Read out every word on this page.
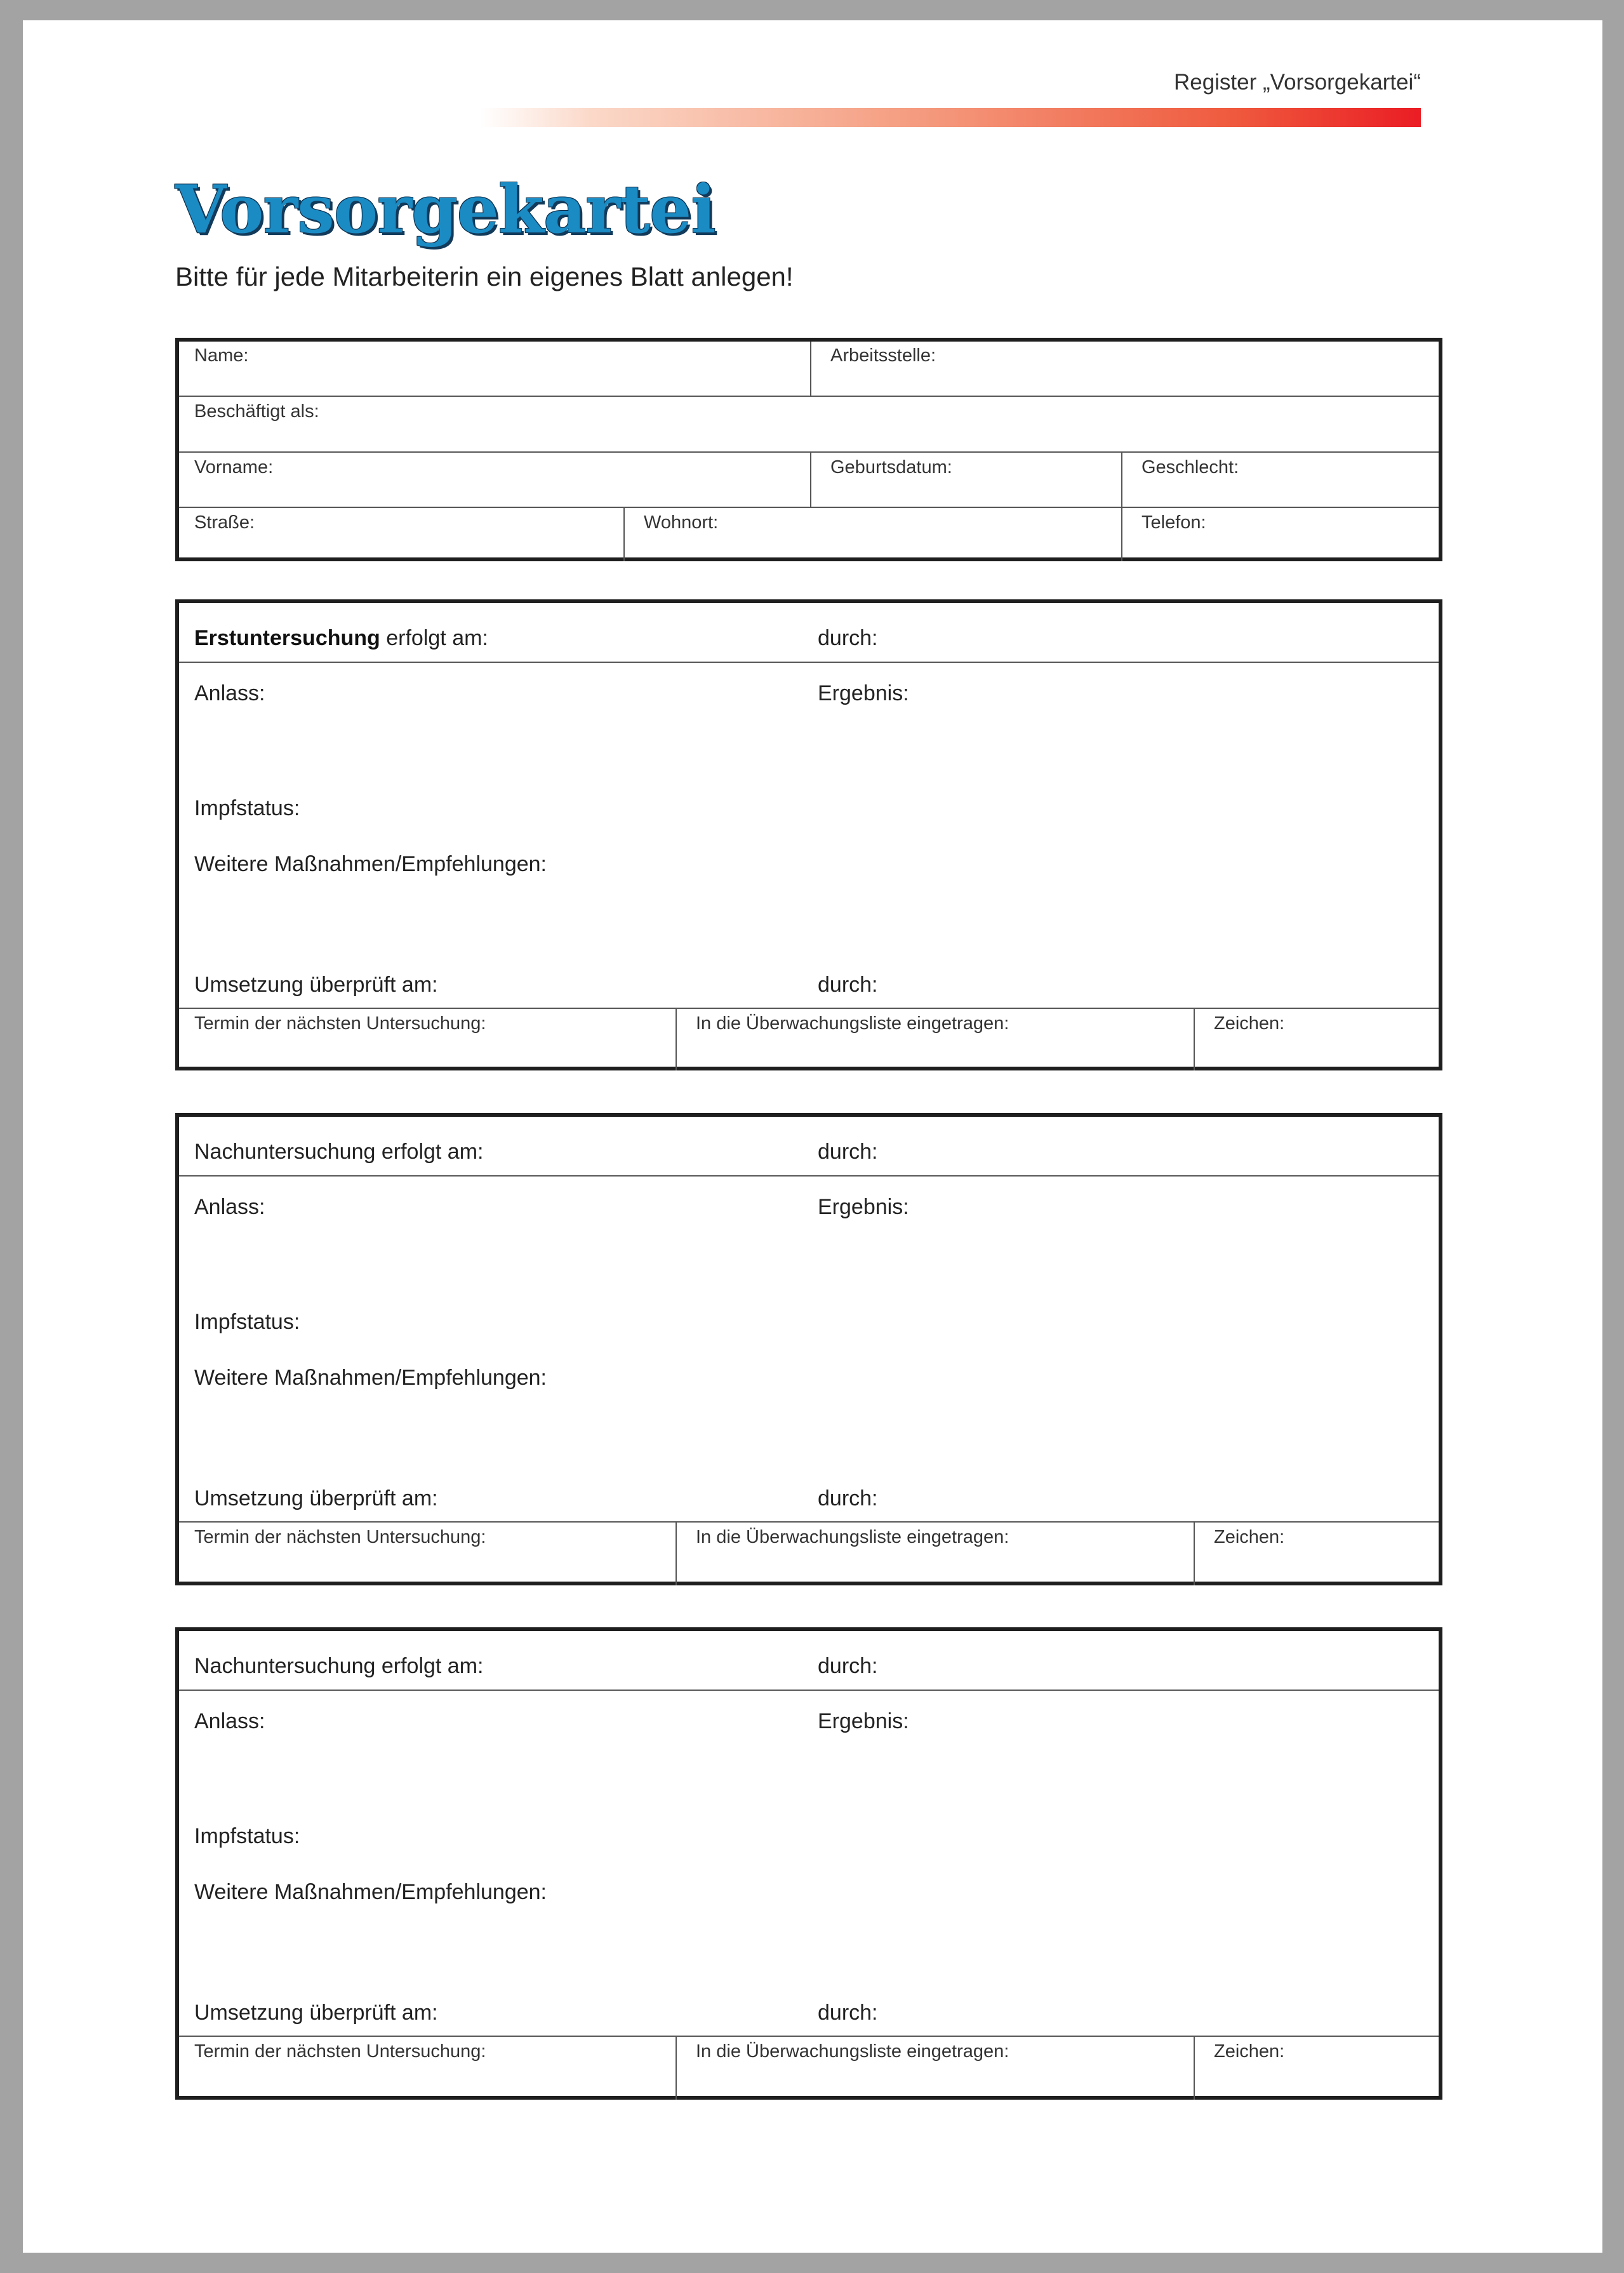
Register „Vorsorgekartei“
Vorsorgekartei
Bitte für jede Mitarbeiterin ein eigenes Blatt anlegen!
Name:	Arbeitsstelle:
Beschäftigt als:
Vorname:	Geburtsdatum:	Geschlecht:
Straße:	Wohnort:	Telefon:
Erstuntersuchung erfolgt am:	durch:
Anlass:	Ergebnis:
Impfstatus:
Weitere Maßnahmen/Empfehlungen:
Umsetzung überprüft am:	durch:
Termin der nächsten Untersuchung:	In die Überwachungsliste eingetragen:	Zeichen:
Nachuntersuchung erfolgt am:	durch:
Anlass:	Ergebnis:
Impfstatus:
Weitere Maßnahmen/Empfehlungen:
Umsetzung überprüft am:	durch:
Termin der nächsten Untersuchung:	In die Überwachungsliste eingetragen:	Zeichen:
Nachuntersuchung erfolgt am:	durch:
Anlass:	Ergebnis:
Impfstatus:
Weitere Maßnahmen/Empfehlungen:
Umsetzung überprüft am:	durch:
Termin der nächsten Untersuchung:	In die Überwachungsliste eingetragen:	Zeichen:
